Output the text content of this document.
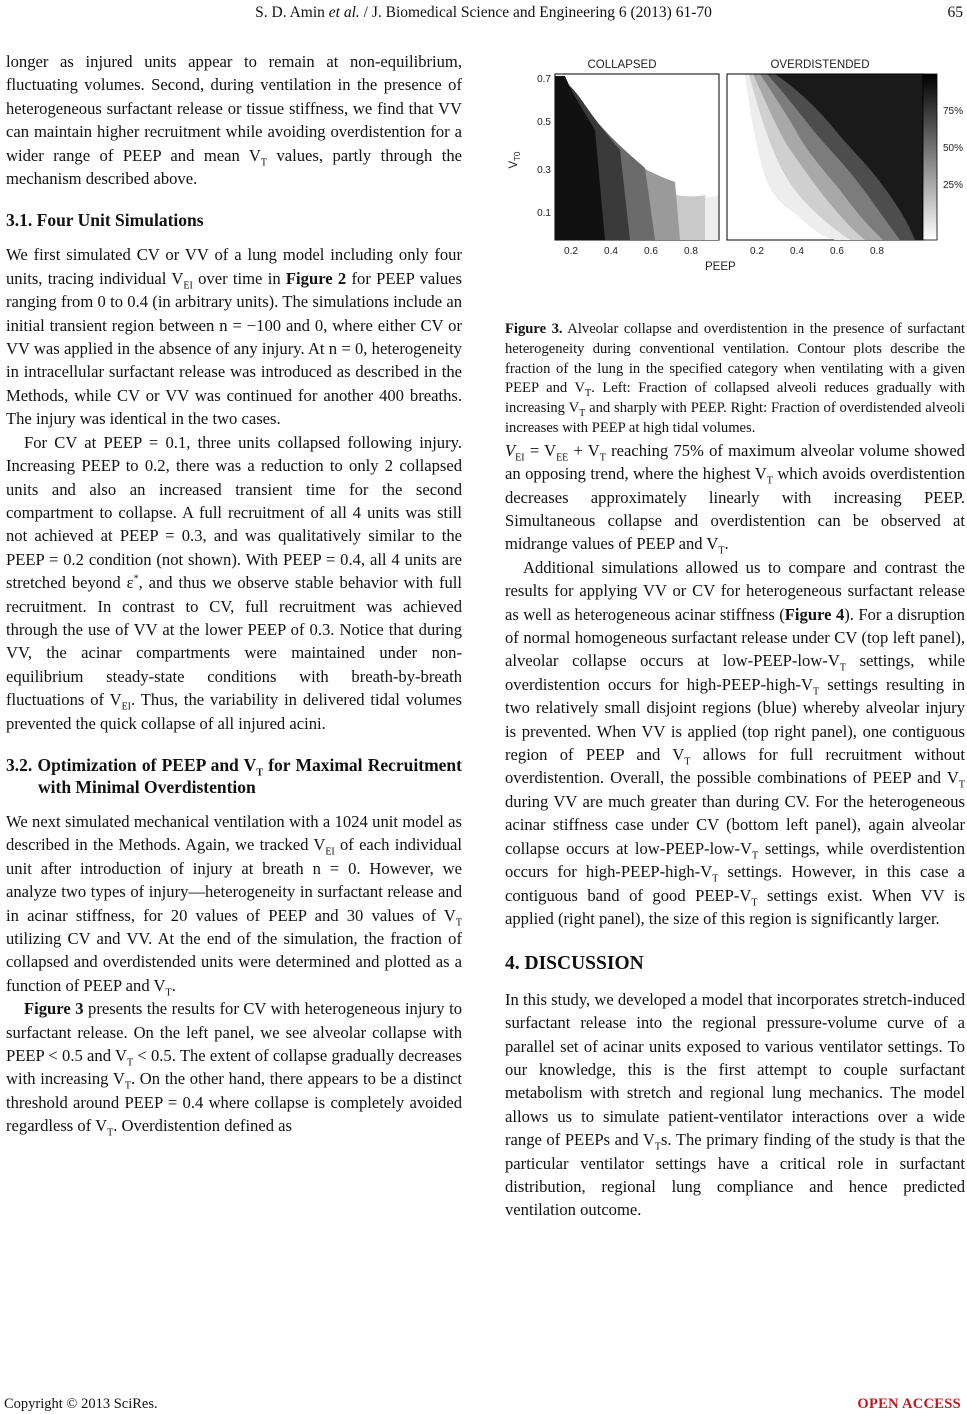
S. D. Amin et al. / J. Biomedical Science and Engineering 6 (2013) 61-70	65

longer as injured units appear to remain at non-equilibrium, fluctuating volumes. Second, during ventilation in the presence of heterogeneous surfactant release or tissue stiffness, we find that VV can maintain higher recruitment while avoiding overdistention for a wider range of PEEP and mean $V_T$ values, partly through the mechanism described above.

3.1. Four Unit Simulations

We first simulated CV or VV of a lung model including only four units, tracing individual $V_{EI}$ over time in Figure 2 for PEEP values ranging from 0 to 0.4 (in arbitrary units). The simulations include an initial transient region between n = −100 and 0, where either CV or VV was applied in the absence of any injury. At n = 0, heterogeneity in intracellular surfactant release was introduced as described in the Methods, while CV or VV was continued for another 400 breaths. The injury was identical in the two cases.

For CV at PEEP = 0.1, three units collapsed following injury. Increasing PEEP to 0.2, there was a reduction to only 2 collapsed units and also an increased transient time for the second compartment to collapse. A full recruitment of all 4 units was still not achieved at PEEP = 0.3, and was qualitatively similar to the PEEP = 0.2 condition (not shown). With PEEP = 0.4, all 4 units are stretched beyond ε*, and thus we observe stable behavior with full recruitment. In contrast to CV, full recruitment was achieved through the use of VV at the lower PEEP of 0.3. Notice that during VV, the acinar compartments were maintained under non-equilibrium steady-state conditions with breath-by-breath fluctuations of $V_{EI}$. Thus, the variability in delivered tidal volumes prevented the quick collapse of all injured acini.

3.2. Optimization of PEEP and $V_T$ for Maximal Recruitment with Minimal Overdistention

We next simulated mechanical ventilation with a 1024 unit model as described in the Methods. Again, we tracked $V_{EI}$ of each individual unit after introduction of injury at breath n = 0. However, we analyze two types of injury—heterogeneity in surfactant release and in acinar stiffness, for 20 values of PEEP and 30 values of $V_T$ utilizing CV and VV. At the end of the simulation, the fraction of collapsed and overdistended units were determined and plotted as a function of PEEP and $V_T$.

Figure 3 presents the results for CV with heterogeneous injury to surfactant release. On the left panel, we see alveolar collapse with PEEP < 0.5 and $V_T < 0.5$. The extent of collapse gradually decreases with increasing $V_T$. On the other hand, there appears to be a distinct threshold around PEEP = 0.4 where collapse is completely avoided regardless of $V_T$. Overdistention defined as

COLLAPSED	OVERDISTENDED
0.7
0.5
0.3
0.1
$V_{T0}$
0.2	0.4	0.6	0.8	0.2	0.4	0.6	0.8
75%
50%
25%
PEEP
Figure 3. Alveolar collapse and overdistention in the presence of surfactant heterogeneity during conventional ventilation. Contour plots describe the fraction of the lung in the specified category when ventilating with a given PEEP and $V_T$. Left: Fraction of collapsed alveoli reduces gradually with increasing $V_T$ and sharply with PEEP. Right: Fraction of overdistended alveoli increases with PEEP at high tidal volumes.

$V_{EI} = V_{EE} + V_T$ reaching 75% of maximum alveolar volume showed an opposing trend, where the highest $V_T$ which avoids overdistention decreases approximately linearly with increasing PEEP. Simultaneous collapse and overdistention can be observed at midrange values of PEEP and $V_T$.

Additional simulations allowed us to compare and contrast the results for applying VV or CV for heterogeneous surfactant release as well as heterogeneous acinar stiffness (Figure 4). For a disruption of normal homogeneous surfactant release under CV (top left panel), alveolar collapse occurs at low-$PEEP-low-V_T$ settings, while overdistention occurs for high-$PEEP-high-V_T$ settings resulting in two relatively small disjoint regions (blue) whereby alveolar injury is prevented. When VV is applied (top right panel), one contiguous region of PEEP and $V_T$ allows for full recruitment without overdistention. Overall, the possible combinations of PEEP and $V_T$ during VV are much greater than during CV. For the heterogeneous acinar stiffness case under CV (bottom left panel), again alveolar collapse occurs at low-$PEEP-low-V_T$ settings, while overdistention occurs for high-$PEEP-high-V_T$ settings. However, in this case a contiguous band of good PEEP-$V_T$ settings exist. When VV is applied (right panel), the size of this region is significantly larger.

4. DISCUSSION

In this study, we developed a model that incorporates stretch-induced surfactant release into the regional pressure-volume curve of a parallel set of acinar units exposed to various ventilator settings. To our knowledge, this is the first attempt to couple surfactant metabolism with stretch and regional lung mechanics. The model allows us to simulate patient-ventilator interactions over a wide range of PEEPs and $V_Ts$. The primary finding of the study is that the particular ventilator settings have a critical role in surfactant distribution, regional lung compliance and hence predicted ventilation outcome.

Copyright © 2013 SciRes.	OPEN ACCESS
